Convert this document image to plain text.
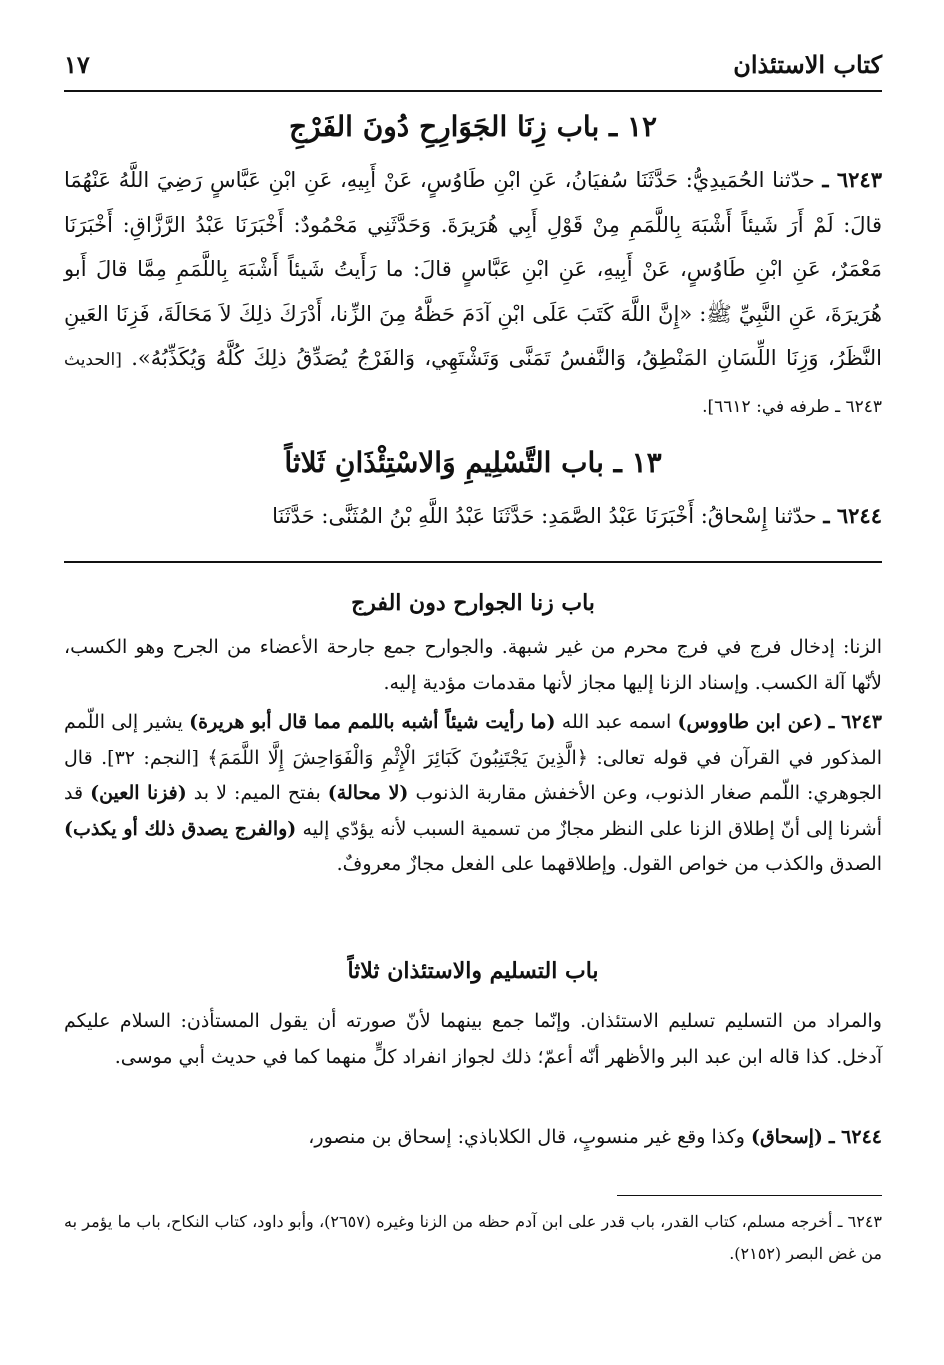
كتاب الاستئذان
١٧
١٢ ـ باب زِنَا الجَوَارِحِ دُونَ الفَرْجِ
٦٢٤٣ ـ حدّثنا الحُمَيدِيُّ: حَدَّثَنَا سُفيَانُ، عَنِ ابْنِ طَاوُسٍ، عَنْ أَبِيهِ، عَنِ ابْنِ عَبَّاسٍ رَضِيَ اللَّهُ عَنْهُمَا قالَ: لَمْ أَرَ شَيئاً أَشْبَهَ بِاللَّمَمِ مِنْ قَوْلِ أَبِي هُرَيرَةَ. وَحَدَّثَنِي مَحْمُودٌ: أَخْبَرَنَا عَبْدُ الرَّزَّاقِ: أَخْبَرَنَا مَعْمَرٌ، عَنِ ابْنِ طَاوُسٍ، عَنْ أَبِيهِ، عَنِ ابْنِ عَبَّاسٍ قالَ: ما رَأَيتُ شَيئاً أَشْبَهَ بِاللَّمَمِ مِمَّا قالَ أَبو هُرَيرَةَ، عَنِ النَّبِيِّ ﷺ: «إِنَّ اللَّهَ كَتَبَ عَلَى ابْنِ آدَمَ حَظَّهُ مِنَ الزِّنا، أَدْرَكَ ذلِكَ لاَ مَحَالَةَ، فَزِنَا العَينِ النَّظَرُ، وَزِنَا اللِّسَانِ المَنْطِقُ، وَالنَّفسُ تَمَنَّى وَتَشْتَهِي، وَالفَرْجُ يُصَدِّقُ ذلِكَ كُلَّهُ وَيُكَذِّبُهُ». [الحديث ٦٢٤٣ ـ طرفه في: ٦٦١٢].
١٣ ـ باب التَّسْلِيمِ وَالاسْتِئْذَانِ ثَلاثاً
٦٢٤٤ ـ حدّثنا إِسْحاقُ: أَخْبَرَنَا عَبْدُ الصَّمَدِ: حَدَّثَنَا عَبْدُ اللَّهِ بْنُ المُثَنَّى: حَدَّثَنَا
باب زنا الجوارح دون الفرج
الزنا: إدخال فرج في فرج محرم من غير شبهة. والجوارح جمع جارحة الأعضاء من الجرح وهو الكسب، لأنّها آلة الكسب. وإسناد الزنا إليها مجاز لأنها مقدمات مؤدية إليه.
٦٢٤٣ ـ (عن ابن طاووس) اسمه عبد الله (ما رأيت شيئاً أشبه باللمم مما قال أبو هريرة) يشير إلى اللّمم المذكور في القرآن في قوله تعالى: ﴿الَّذِينَ يَجْتَنِبُونَ كَبَائِرَ الْإِثْمِ وَالْفَوَاحِشَ إِلَّا اللَّمَمَ﴾ [النجم: ٣٢]. قال الجوهري: اللّمم صغار الذنوب، وعن الأخفش مقاربة الذنوب (لا محالة) بفتح الميم: لا بد (فزنا العين) قد أشرنا إلى أنّ إطلاق الزنا على النظر مجازٌ من تسمية السبب لأنه يؤدّي إليه (والفرج يصدق ذلك أو يكذب) الصدق والكذب من خواص القول. وإطلاقهما على الفعل مجازٌ معروفٌ.
باب التسليم والاستئذان ثلاثاً
والمراد من التسليم تسليم الاستئذان. وإنّما جمع بينهما لأنّ صورته أن يقول المستأذن: السلام عليكم آدخل. كذا قاله ابن عبد البر والأظهر أنّه أعمّ؛ ذلك لجواز انفراد كلٍّ منهما كما في حديث أبي موسى.
٦٢٤٤ ـ (إسحاق) وكذا وقع غير منسوبٍ، قال الكلاباذي: إسحاق بن منصور،
٦٢٤٣ ـ أخرجه مسلم، كتاب القدر، باب قدر على ابن آدم حظه من الزنا وغيره (٢٦٥٧)، وأبو داود، كتاب النكاح، باب ما يؤمر به من غض البصر (٢١٥٢).
